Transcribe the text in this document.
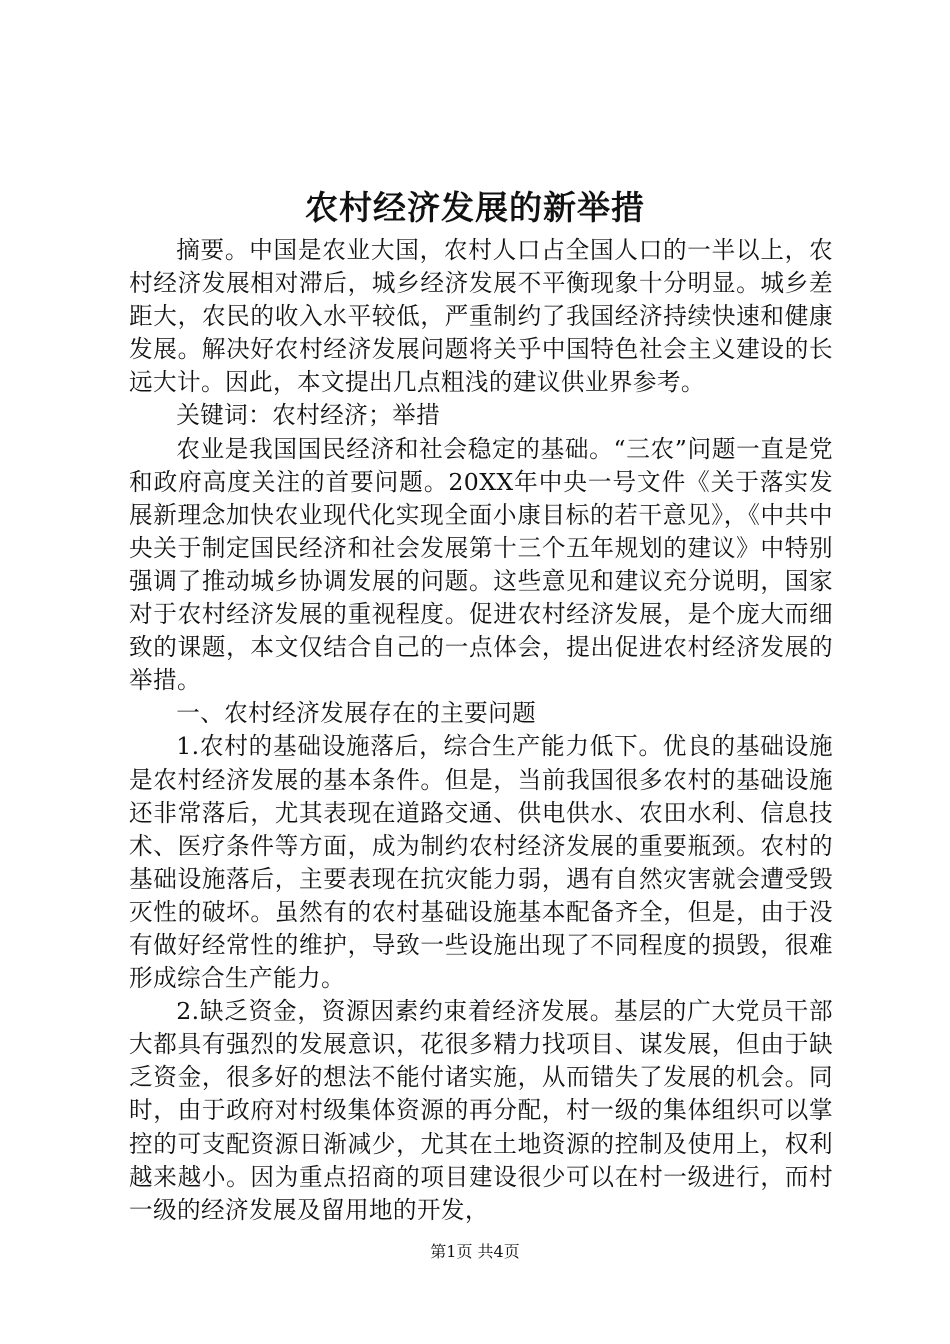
农村经济发展的新举措

摘要。中国是农业大国，农村人口占全国人口的一半以上，农村经济发展相对滞后，城乡经济发展不平衡现象十分明显。城乡差距大，农民的收入水平较低，严重制约了我国经济持续快速和健康发展。解决好农村经济发展问题将关乎中国特色社会主义建设的长远大计。因此，本文提出几点粗浅的建议供业界参考。

关键词：农村经济；举措

农业是我国国民经济和社会稳定的基础。“三农”问题一直是党和政府高度关注的首要问题。20XX年中央一号文件《关于落实发展新理念加快农业现代化实现全面小康目标的若干意见》，《中共中央关于制定国民经济和社会发展第十三个五年规划的建议》中特别强调了推动城乡协调发展的问题。这些意见和建议充分说明，国家对于农村经济发展的重视程度。促进农村经济发展，是个庞大而细致的课题，本文仅结合自己的一点体会，提出促进农村经济发展的举措。

一、农村经济发展存在的主要问题

1.农村的基础设施落后，综合生产能力低下。优良的基础设施是农村经济发展的基本条件。但是，当前我国很多农村的基础设施还非常落后，尤其表现在道路交通、供电供水、农田水利、信息技术、医疗条件等方面，成为制约农村经济发展的重要瓶颈。农村的基础设施落后，主要表现在抗灾能力弱，遇有自然灾害就会遭受毁灭性的破坏。虽然有的农村基础设施基本配备齐全，但是，由于没有做好经常性的维护，导致一些设施出现了不同程度的损毁，很难形成综合生产能力。

2.缺乏资金，资源因素约束着经济发展。基层的广大党员干部大都具有强烈的发展意识，花很多精力找项目、谋发展，但由于缺乏资金，很多好的想法不能付诸实施，从而错失了发展的机会。同时，由于政府对村级集体资源的再分配，村一级的集体组织可以掌控的可支配资源日渐减少，尤其在土地资源的控制及使用上，权利越来越小。因为重点招商的项目建设很少可以在村一级进行，而村一级的经济发展及留用地的开发，

第1页 共4页
